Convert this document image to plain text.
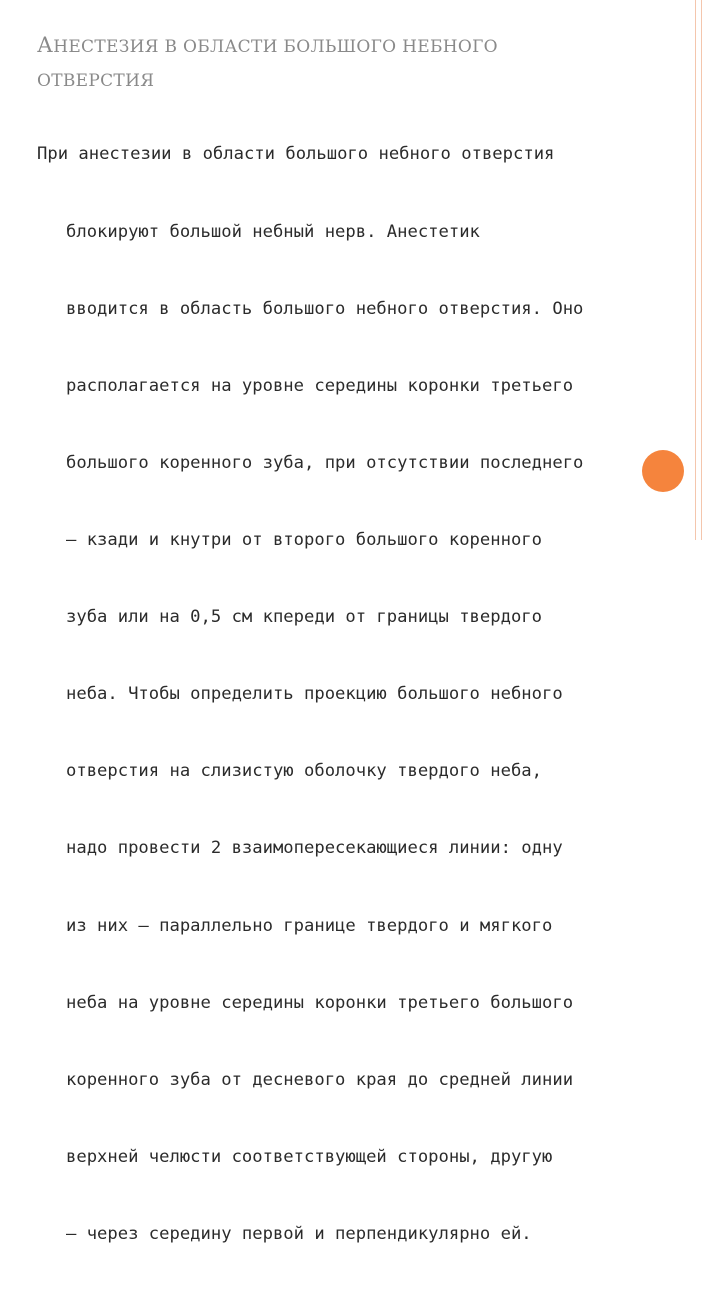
АНЕСТЕЗИЯ В ОБЛАСТИ БОЛЬШОГО НЕБНОГО
ОТВЕРСТИЯ

При анестезии в области большого небного отверстия

блокируют большой небный нерв. Анестетик

вводится в область большого небного отверстия. Оно

располагается на уровне середины коронки третьего

большого коренного зуба, при отсутствии последнего

– кзади и кнутри от второго большого коренного

зуба или на 0,5 см кпереди от границы твердого

неба. Чтобы определить проекцию большого небного

отверстия на слизистую оболочку твердого неба,

надо провести 2 взаимопересекающиеся линии: одну

из них – параллельно границе твердого и мягкого

неба на уровне середины коронки третьего большого

коренного зуба от десневого края до средней линии

верхней челюсти соответствующей стороны, другую

– через середину первой и перпендикулярно ей.
